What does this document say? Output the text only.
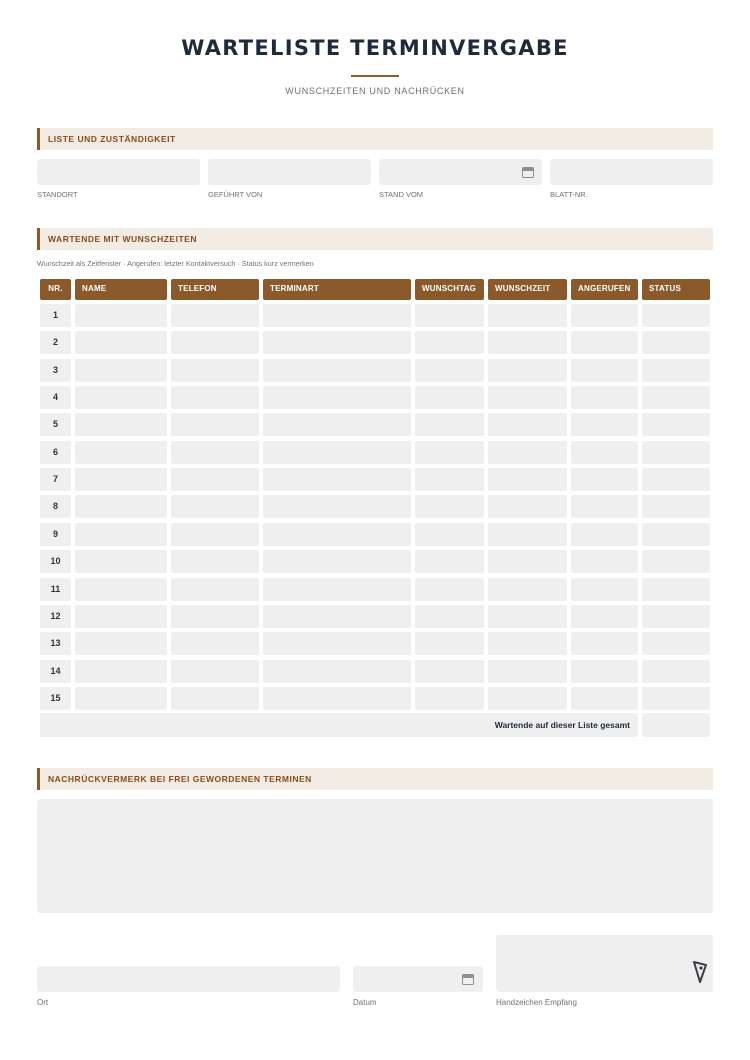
WARTELISTE TERMINVERGABE
WUNSCHZEITEN UND NACHRÜCKEN
LISTE UND ZUSTÄNDIGKEIT
STANDORT	GEFÜHRT VON	STAND VOM	BLATT-NR.
WARTENDE MIT WUNSCHZEITEN
Wunschzeit als Zeitfenster · Angerufen: letzter Kontaktversuch · Status kurz vermerken
NR.	NAME	TELEFON	TERMINART	WUNSCHTAG	WUNSCHZEIT	ANGERUFEN	STATUS
1
2
3
4
5
6
7
8
9
10
11
12
13
14
15
Wartende auf dieser Liste gesamt
NACHRÜCKVERMERK BEI FREI GEWORDENEN TERMINEN
Ort	Datum	Handzeichen Empfang
